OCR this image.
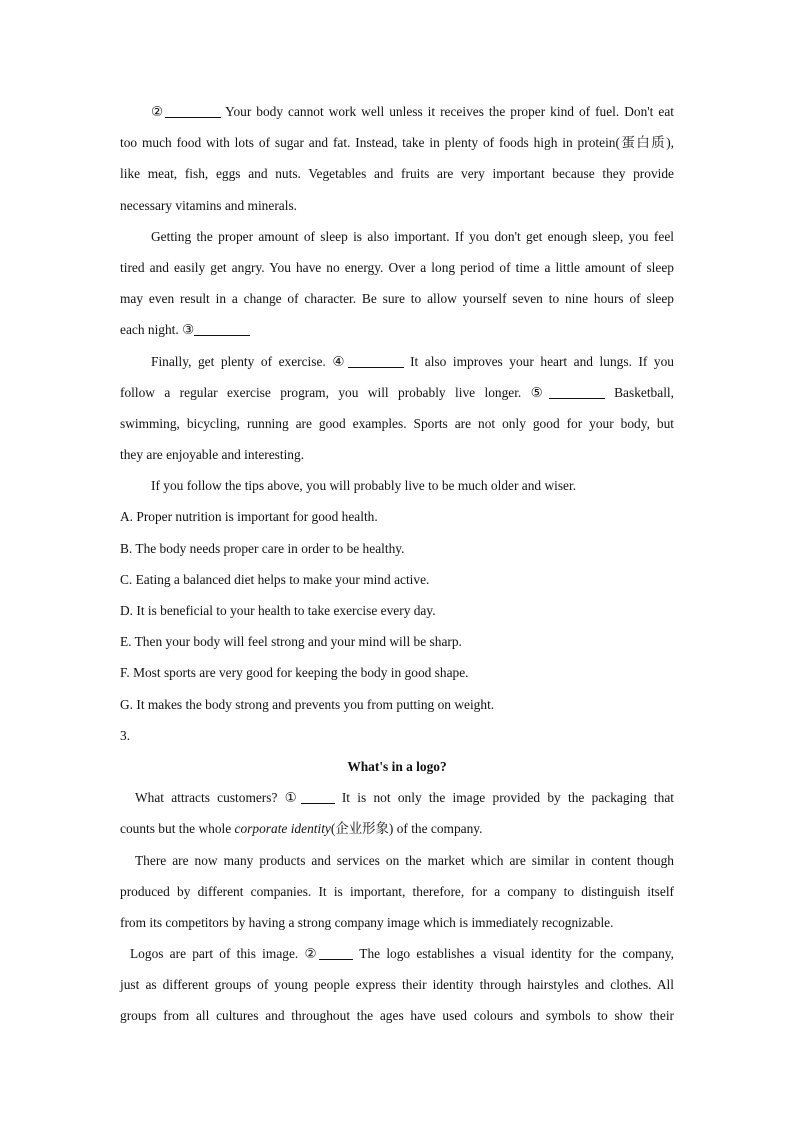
②	Your body cannot work well unless it receives the proper kind of fuel. Don't eat
too much food with lots of sugar and fat. Instead, take in plenty of foods high in protein(蛋白质),
like meat, fish, eggs and nuts. Vegetables and fruits are very important because they provide
necessary vitamins and minerals.
Getting the proper amount of sleep is also important. If you don't get enough sleep, you feel
tired and easily get angry. You have no energy. Over a long period of time a little amount of sleep
may even result in a change of character. Be sure to allow yourself seven to nine hours of sleep
each night. ③
Finally, get plenty of exercise. ④	It also improves your heart and lungs. If you
follow a regular exercise program, you will probably live longer. ⑤	Basketball,
swimming, bicycling, running are good examples. Sports are not only good for your body, but
they are enjoyable and interesting.
If you follow the tips above, you will probably live to be much older and wiser.
A. Proper nutrition is important for good health.
B. The body needs proper care in order to be healthy.
C. Eating a balanced diet helps to make your mind active.
D. It is beneficial to your health to take exercise every day.
E. Then your body will feel strong and your mind will be sharp.
F. Most sports are very good for keeping the body in good shape.
G. It makes the body strong and prevents you from putting on weight.
3.
What's in a logo?
What attracts customers? ①	It is not only the image provided by the packaging that
counts but the whole corporate identity(企业形象) of the company.
There are now many products and services on the market which are similar in content though
produced by different companies. It is important, therefore, for a company to distinguish itself
from its competitors by having a strong company image which is immediately recognizable.
Logos are part of this image. ②	The logo establishes a visual identity for the company,
just as different groups of young people express their identity through hairstyles and clothes. All
groups from all cultures and throughout the ages have used colours and symbols to show their
